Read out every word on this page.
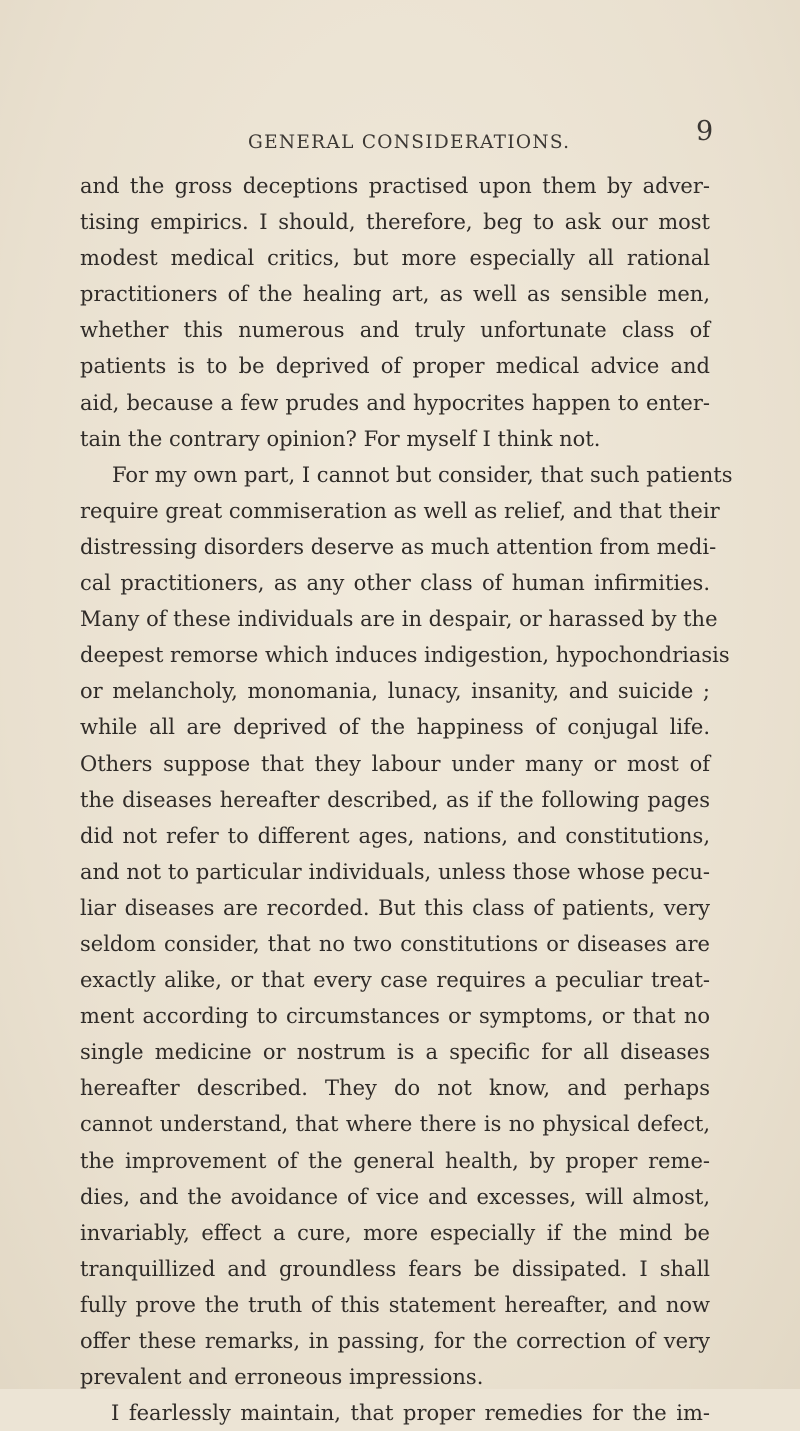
GENERAL CONSIDERATIONS.	9
and the gross deceptions practised upon them by adver-
tising empirics. I should, therefore, beg to ask our most
modest medical critics, but more especially all rational
practitioners of the healing art, as well as sensible men,
whether this numerous and truly unfortunate class of
patients is to be deprived of proper medical advice and
aid, because a few prudes and hypocrites happen to enter-
tain the contrary opinion? For myself I think not.
For my own part, I cannot but consider, that such patients
require great commiseration as well as relief, and that their
distressing disorders deserve as much attention from medi-
cal practitioners, as any other class of human infirmities.
Many of these individuals are in despair, or harassed by the
deepest remorse which induces indigestion, hypochondriasis
or melancholy, monomania, lunacy, insanity, and suicide ;
while all are deprived of the happiness of conjugal life.
Others suppose that they labour under many or most of
the diseases hereafter described, as if the following pages
did not refer to different ages, nations, and constitutions,
and not to particular individuals, unless those whose pecu-
liar diseases are recorded. But this class of patients, very
seldom consider, that no two constitutions or diseases are
exactly alike, or that every case requires a peculiar treat-
ment according to circumstances or symptoms, or that no
single medicine or nostrum is a specific for all diseases
hereafter described. They do not know, and perhaps
cannot understand, that where there is no physical defect,
the improvement of the general health, by proper reme-
dies, and the avoidance of vice and excesses, will almost,
invariably, effect a cure, more especially if the mind be
tranquillized and groundless fears be dissipated. I shall
fully prove the truth of this statement hereafter, and now
offer these remarks, in passing, for the correction of very
prevalent and erroneous impressions.
I fearlessly maintain, that proper remedies for the im-
